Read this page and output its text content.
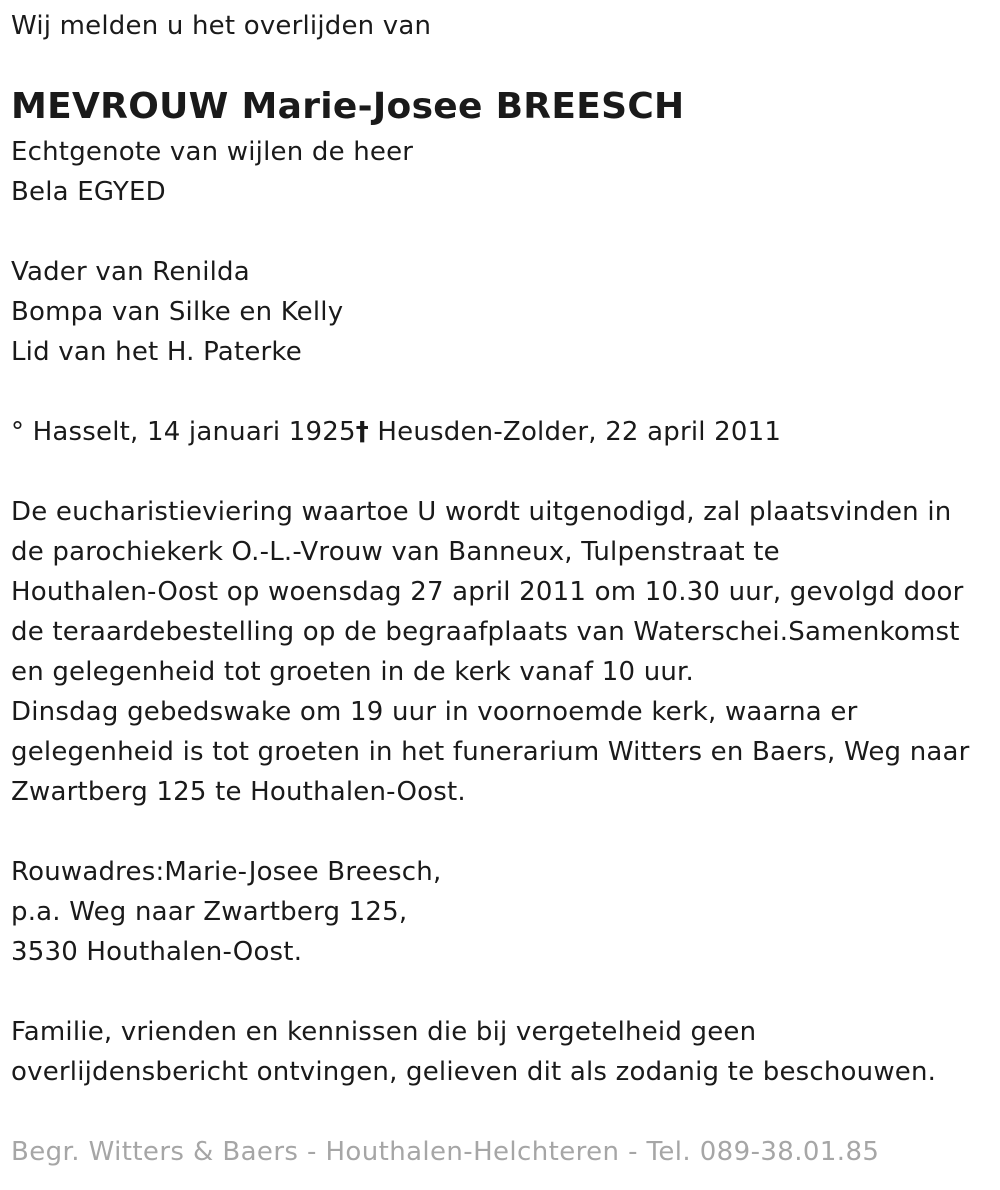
Wij melden u het overlijden van
MEVROUW Marie-Josee BREESCH
Echtgenote van wijlen de heer
Bela EGYED
Vader van Renilda
Bompa van Silke en Kelly
Lid van het H. Paterke
° Hasselt, 14 januari 1925† Heusden-Zolder, 22 april 2011
De eucharistieviering waartoe U wordt uitgenodigd, zal plaatsvinden in
de parochiekerk O.-L.-Vrouw van Banneux, Tulpenstraat te
Houthalen-Oost op woensdag 27 april 2011 om 10.30 uur, gevolgd door
de teraardebestelling op de begraafplaats van Waterschei.Samenkomst
en gelegenheid tot groeten in de kerk vanaf 10 uur.
Dinsdag gebedswake om 19 uur in voornoemde kerk, waarna er
gelegenheid is tot groeten in het funerarium Witters en Baers, Weg naar
Zwartberg 125 te Houthalen-Oost.
Rouwadres:Marie-Josee Breesch,
p.a. Weg naar Zwartberg 125,
3530 Houthalen-Oost.
Familie, vrienden en kennissen die bij vergetelheid geen
overlijdensbericht ontvingen, gelieven dit als zodanig te beschouwen.
Begr. Witters & Baers - Houthalen-Helchteren - Tel. 089-38.01.85
